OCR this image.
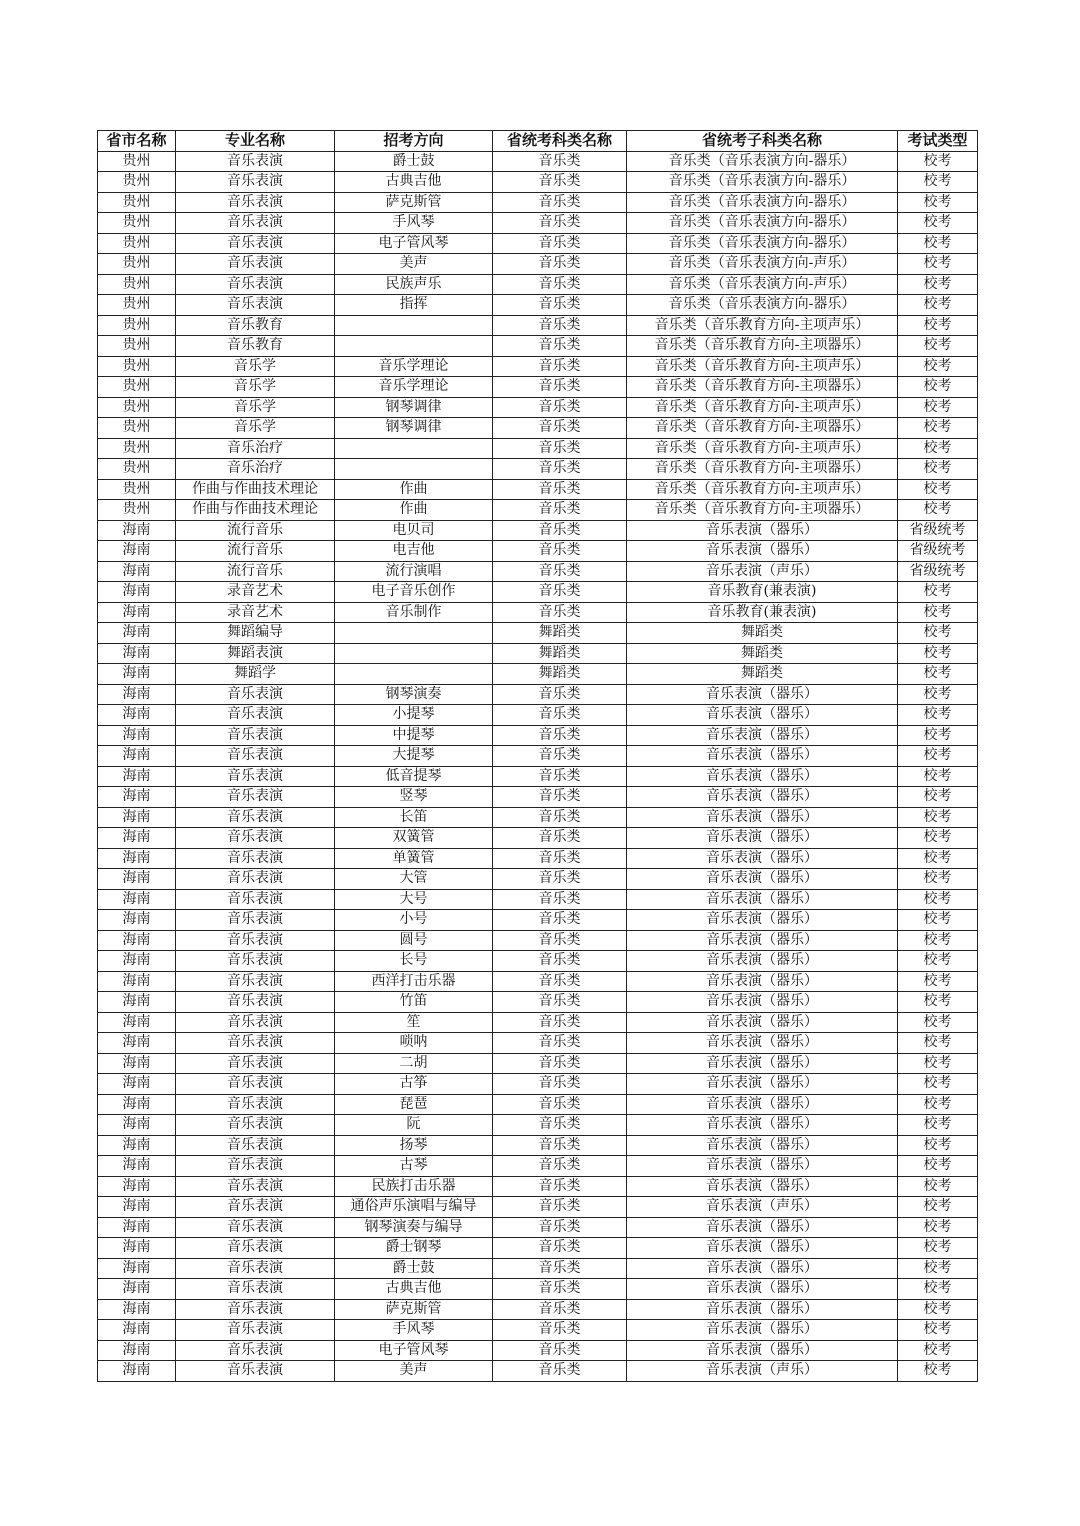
省市名称	专业名称	招考方向	省统考科类名称	省统考子科类名称	考试类型
贵州	音乐表演	爵士鼓	音乐类	音乐类（音乐表演方向-器乐）	校考
贵州	音乐表演	古典吉他	音乐类	音乐类（音乐表演方向-器乐）	校考
贵州	音乐表演	萨克斯管	音乐类	音乐类（音乐表演方向-器乐）	校考
贵州	音乐表演	手风琴	音乐类	音乐类（音乐表演方向-器乐）	校考
贵州	音乐表演	电子管风琴	音乐类	音乐类（音乐表演方向-器乐）	校考
贵州	音乐表演	美声	音乐类	音乐类（音乐表演方向-声乐）	校考
贵州	音乐表演	民族声乐	音乐类	音乐类（音乐表演方向-声乐）	校考
贵州	音乐表演	指挥	音乐类	音乐类（音乐表演方向-器乐）	校考
贵州	音乐教育		音乐类	音乐类（音乐教育方向-主项声乐）	校考
贵州	音乐教育		音乐类	音乐类（音乐教育方向-主项器乐）	校考
贵州	音乐学	音乐学理论	音乐类	音乐类（音乐教育方向-主项声乐）	校考
贵州	音乐学	音乐学理论	音乐类	音乐类（音乐教育方向-主项器乐）	校考
贵州	音乐学	钢琴调律	音乐类	音乐类（音乐教育方向-主项声乐）	校考
贵州	音乐学	钢琴调律	音乐类	音乐类（音乐教育方向-主项器乐）	校考
贵州	音乐治疗		音乐类	音乐类（音乐教育方向-主项声乐）	校考
贵州	音乐治疗		音乐类	音乐类（音乐教育方向-主项器乐）	校考
贵州	作曲与作曲技术理论	作曲	音乐类	音乐类（音乐教育方向-主项声乐）	校考
贵州	作曲与作曲技术理论	作曲	音乐类	音乐类（音乐教育方向-主项器乐）	校考
海南	流行音乐	电贝司	音乐类	音乐表演（器乐）	省级统考
海南	流行音乐	电吉他	音乐类	音乐表演（器乐）	省级统考
海南	流行音乐	流行演唱	音乐类	音乐表演（声乐）	省级统考
海南	录音艺术	电子音乐创作	音乐类	音乐教育(兼表演)	校考
海南	录音艺术	音乐制作	音乐类	音乐教育(兼表演)	校考
海南	舞蹈编导		舞蹈类	舞蹈类	校考
海南	舞蹈表演		舞蹈类	舞蹈类	校考
海南	舞蹈学		舞蹈类	舞蹈类	校考
海南	音乐表演	钢琴演奏	音乐类	音乐表演（器乐）	校考
海南	音乐表演	小提琴	音乐类	音乐表演（器乐）	校考
海南	音乐表演	中提琴	音乐类	音乐表演（器乐）	校考
海南	音乐表演	大提琴	音乐类	音乐表演（器乐）	校考
海南	音乐表演	低音提琴	音乐类	音乐表演（器乐）	校考
海南	音乐表演	竖琴	音乐类	音乐表演（器乐）	校考
海南	音乐表演	长笛	音乐类	音乐表演（器乐）	校考
海南	音乐表演	双簧管	音乐类	音乐表演（器乐）	校考
海南	音乐表演	单簧管	音乐类	音乐表演（器乐）	校考
海南	音乐表演	大管	音乐类	音乐表演（器乐）	校考
海南	音乐表演	大号	音乐类	音乐表演（器乐）	校考
海南	音乐表演	小号	音乐类	音乐表演（器乐）	校考
海南	音乐表演	圆号	音乐类	音乐表演（器乐）	校考
海南	音乐表演	长号	音乐类	音乐表演（器乐）	校考
海南	音乐表演	西洋打击乐器	音乐类	音乐表演（器乐）	校考
海南	音乐表演	竹笛	音乐类	音乐表演（器乐）	校考
海南	音乐表演	笙	音乐类	音乐表演（器乐）	校考
海南	音乐表演	唢呐	音乐类	音乐表演（器乐）	校考
海南	音乐表演	二胡	音乐类	音乐表演（器乐）	校考
海南	音乐表演	古筝	音乐类	音乐表演（器乐）	校考
海南	音乐表演	琵琶	音乐类	音乐表演（器乐）	校考
海南	音乐表演	阮	音乐类	音乐表演（器乐）	校考
海南	音乐表演	扬琴	音乐类	音乐表演（器乐）	校考
海南	音乐表演	古琴	音乐类	音乐表演（器乐）	校考
海南	音乐表演	民族打击乐器	音乐类	音乐表演（器乐）	校考
海南	音乐表演	通俗声乐演唱与编导	音乐类	音乐表演（声乐）	校考
海南	音乐表演	钢琴演奏与编导	音乐类	音乐表演（器乐）	校考
海南	音乐表演	爵士钢琴	音乐类	音乐表演（器乐）	校考
海南	音乐表演	爵士鼓	音乐类	音乐表演（器乐）	校考
海南	音乐表演	古典吉他	音乐类	音乐表演（器乐）	校考
海南	音乐表演	萨克斯管	音乐类	音乐表演（器乐）	校考
海南	音乐表演	手风琴	音乐类	音乐表演（器乐）	校考
海南	音乐表演	电子管风琴	音乐类	音乐表演（器乐）	校考
海南	音乐表演	美声	音乐类	音乐表演（声乐）	校考
